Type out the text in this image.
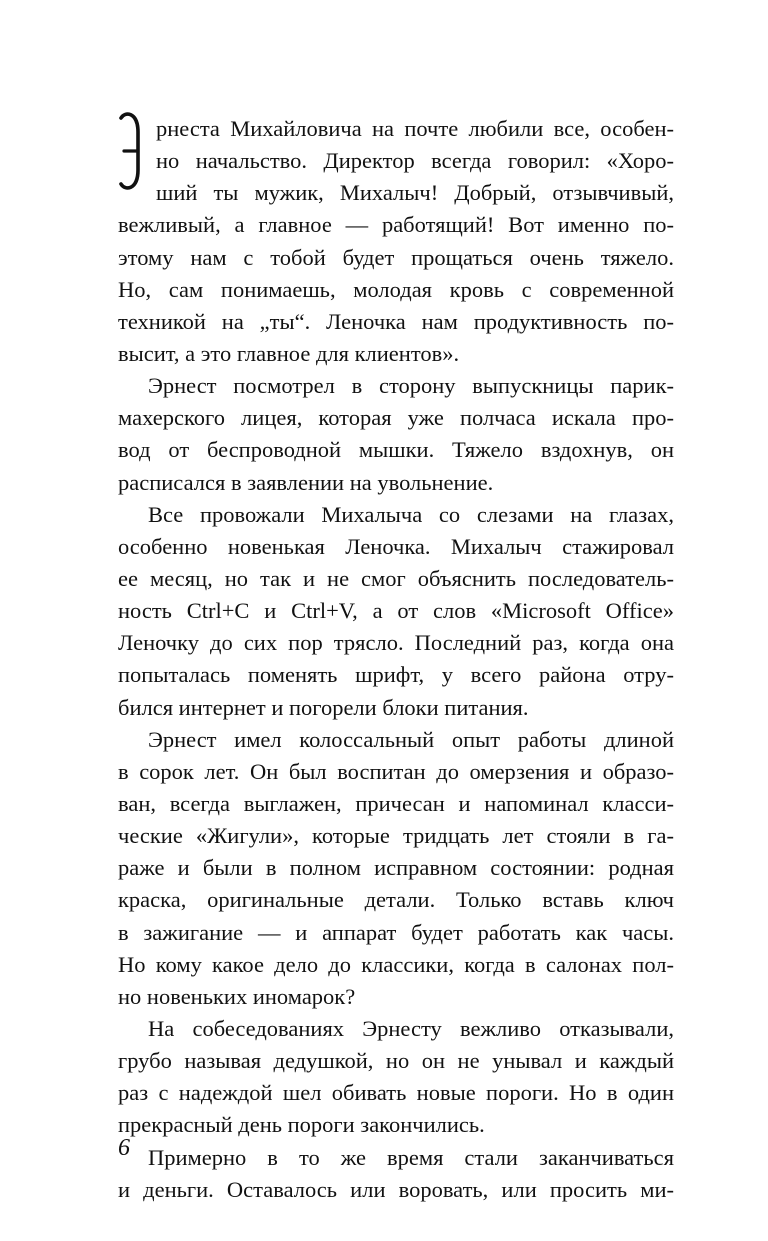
рнеста Михайловича на почте любили все, особен-
но начальство. Директор всегда говорил: «Хоро-
ший ты мужик, Михалыч! Добрый, отзывчивый,
вежливый, а главное — работящий! Вот именно по-
этому нам с тобой будет прощаться очень тяжело.
Но, сам понимаешь, молодая кровь с современной
техникой на „ты“. Леночка нам продуктивность по-
высит, а это главное для клиентов».
Эрнест посмотрел в сторону выпускницы парик-
махерского лицея, которая уже полчаса искала про-
вод от беспроводной мышки. Тяжело вздохнув, он
расписался в заявлении на увольнение.
Все провожали Михалыча со слезами на глазах,
особенно новенькая Леночка. Михалыч стажировал
ее месяц, но так и не смог объяснить последователь-
ность Ctrl+C и Ctrl+V, а от слов «Microsoft Office»
Леночку до сих пор трясло. Последний раз, когда она
попыталась поменять шрифт, у всего района отру-
бился интернет и погорели блоки питания.
Эрнест имел колоссальный опыт работы длиной
в сорок лет. Он был воспитан до омерзения и образо-
ван, всегда выглажен, причесан и напоминал класси-
ческие «Жигули», которые тридцать лет стояли в га-
раже и были в полном исправном состоянии: родная
краска, оригинальные детали. Только вставь ключ
в зажигание — и аппарат будет работать как часы.
Но кому какое дело до классики, когда в салонах пол-
но новеньких иномарок?
На собеседованиях Эрнесту вежливо отказывали,
грубо называя дедушкой, но он не унывал и каждый
раз с надеждой шел обивать новые пороги. Но в один
прекрасный день пороги закончились.
Примерно в то же время стали заканчиваться
и деньги. Оставалось или воровать, или просить ми-
6
